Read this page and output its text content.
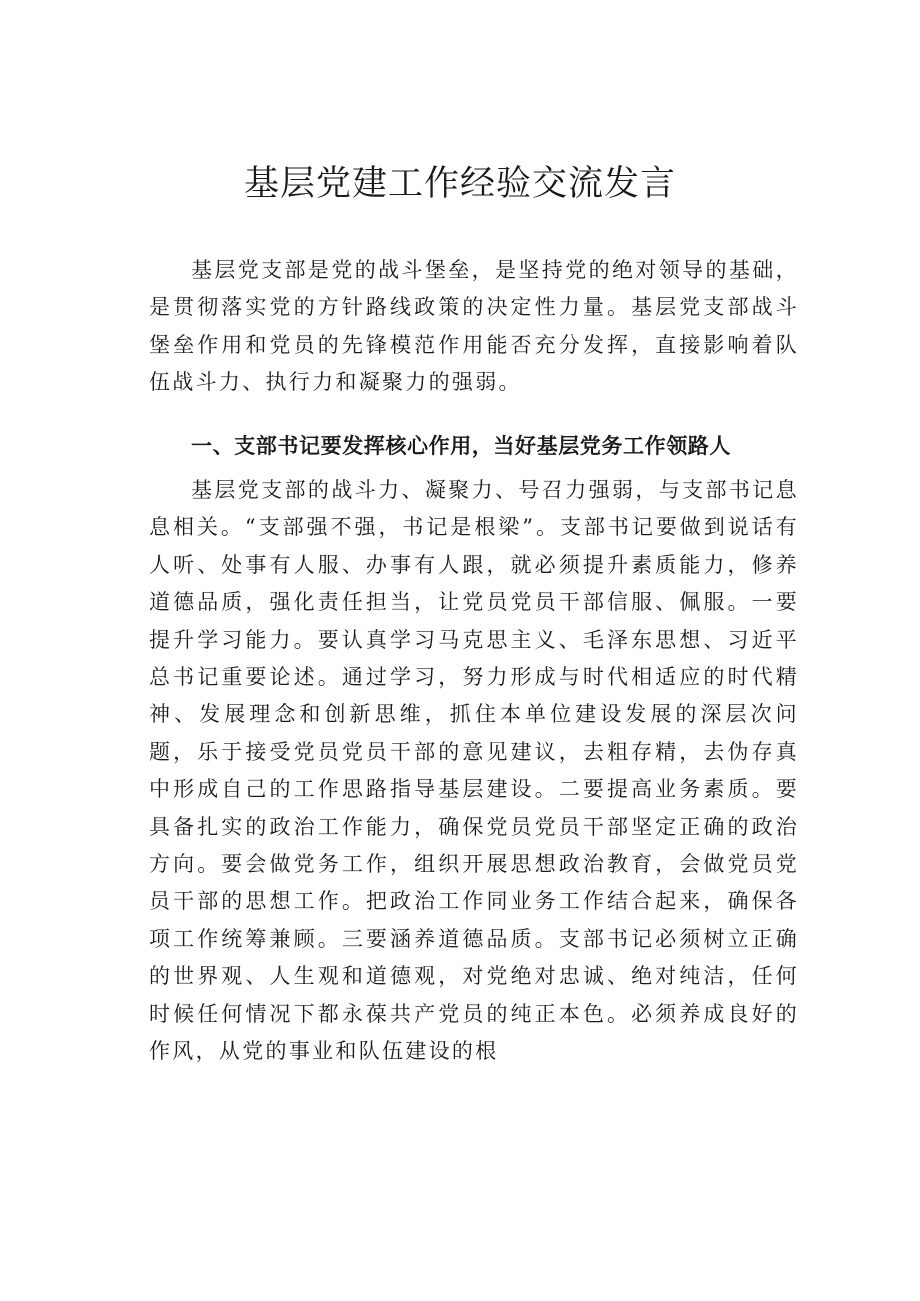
基层党建工作经验交流发言

基层党支部是党的战斗堡垒，是坚持党的绝对领导的基础，是贯彻落实党的方针路线政策的决定性力量。基层党支部战斗堡垒作用和党员的先锋模范作用能否充分发挥，直接影响着队伍战斗力、执行力和凝聚力的强弱。

一、支部书记要发挥核心作用，当好基层党务工作领路人

基层党支部的战斗力、凝聚力、号召力强弱，与支部书记息息相关。“支部强不强，书记是根梁”。支部书记要做到说话有人听、处事有人服、办事有人跟，就必须提升素质能力，修养道德品质，强化责任担当，让党员党员干部信服、佩服。一要提升学习能力。要认真学习马克思主义、毛泽东思想、习近平总书记重要论述。通过学习，努力形成与时代相适应的时代精神、发展理念和创新思维，抓住本单位建设发展的深层次问题，乐于接受党员党员干部的意见建议，去粗存精，去伪存真中形成自己的工作思路指导基层建设。二要提高业务素质。要具备扎实的政治工作能力，确保党员党员干部坚定正确的政治方向。要会做党务工作，组织开展思想政治教育，会做党员党员干部的思想工作。把政治工作同业务工作结合起来，确保各项工作统筹兼顾。三要涵养道德品质。支部书记必须树立正确的世界观、人生观和道德观，对党绝对忠诚、绝对纯洁，任何时候任何情况下都永葆共产党员的纯正本色。必须养成良好的作风，从党的事业和队伍建设的根
